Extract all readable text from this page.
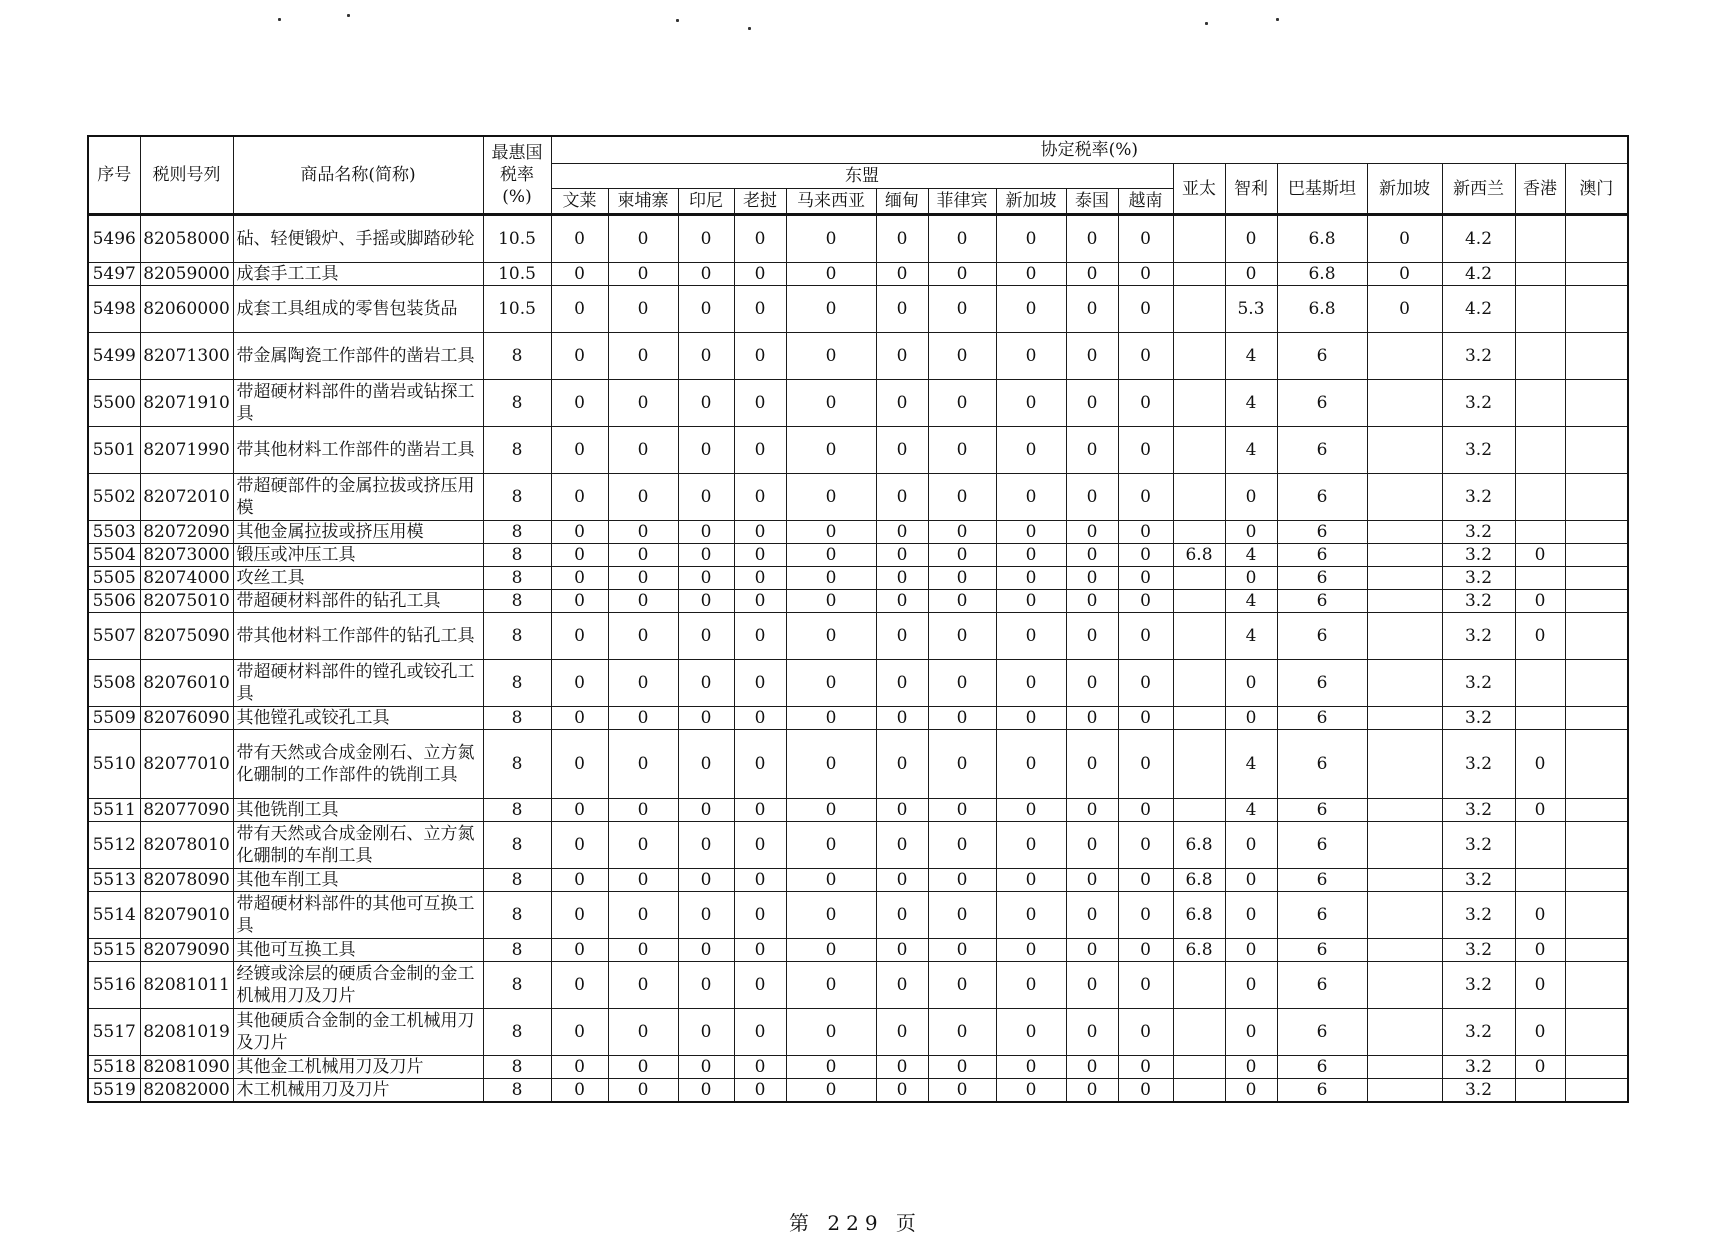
序号	税则号列	商品名称(简称)	最惠国税率(%)	协定税率(%)																
				东盟										亚太	智利	巴基斯坦	新加坡	新西兰	香港	澳门
				文莱	柬埔寨	印尼	老挝	马来西亚	缅甸	菲律宾	新加坡	泰国	越南							
5496	82058000	砧、轻便锻炉、手摇或脚踏砂轮	10.5	0	0	0	0	0	0	0	0	0	0		0	6.8	0	4.2		
5497	82059000	成套手工工具	10.5	0	0	0	0	0	0	0	0	0	0		0	6.8	0	4.2		
5498	82060000	成套工具组成的零售包装货品	10.5	0	0	0	0	0	0	0	0	0	0		5.3	6.8	0	4.2		
5499	82071300	带金属陶瓷工作部件的凿岩工具	8	0	0	0	0	0	0	0	0	0	0		4	6		3.2		
5500	82071910	带超硬材料部件的凿岩或钻探工具	8	0	0	0	0	0	0	0	0	0	0		4	6		3.2		
5501	82071990	带其他材料工作部件的凿岩工具	8	0	0	0	0	0	0	0	0	0	0		4	6		3.2		
5502	82072010	带超硬部件的金属拉拔或挤压用模	8	0	0	0	0	0	0	0	0	0	0		0	6		3.2		
5503	82072090	其他金属拉拔或挤压用模	8	0	0	0	0	0	0	0	0	0	0		0	6		3.2		
5504	82073000	锻压或冲压工具	8	0	0	0	0	0	0	0	0	0	0	6.8	4	6		3.2	0	
5505	82074000	攻丝工具	8	0	0	0	0	0	0	0	0	0	0		0	6		3.2		
5506	82075010	带超硬材料部件的钻孔工具	8	0	0	0	0	0	0	0	0	0	0		4	6		3.2	0	
5507	82075090	带其他材料工作部件的钻孔工具	8	0	0	0	0	0	0	0	0	0	0		4	6		3.2	0	
5508	82076010	带超硬材料部件的镗孔或铰孔工具	8	0	0	0	0	0	0	0	0	0	0		0	6		3.2		
5509	82076090	其他镗孔或铰孔工具	8	0	0	0	0	0	0	0	0	0	0		0	6		3.2		
5510	82077010	带有天然或合成金刚石、立方氮化硼制的工作部件的铣削工具	8	0	0	0	0	0	0	0	0	0	0		4	6		3.2	0	
5511	82077090	其他铣削工具	8	0	0	0	0	0	0	0	0	0	0		4	6		3.2	0	
5512	82078010	带有天然或合成金刚石、立方氮化硼制的车削工具	8	0	0	0	0	0	0	0	0	0	0	6.8	0	6		3.2		
5513	82078090	其他车削工具	8	0	0	0	0	0	0	0	0	0	0	6.8	0	6		3.2		
5514	82079010	带超硬材料部件的其他可互换工具	8	0	0	0	0	0	0	0	0	0	0	6.8	0	6		3.2	0	
5515	82079090	其他可互换工具	8	0	0	0	0	0	0	0	0	0	0	6.8	0	6		3.2	0	
5516	82081011	经镀或涂层的硬质合金制的金工机械用刀及刀片	8	0	0	0	0	0	0	0	0	0	0		0	6		3.2	0	
5517	82081019	其他硬质合金制的金工机械用刀及刀片	8	0	0	0	0	0	0	0	0	0	0		0	6		3.2	0	
5518	82081090	其他金工机械用刀及刀片	8	0	0	0	0	0	0	0	0	0	0		0	6		3.2	0	
5519	82082000	木工机械用刀及刀片	8	0	0	0	0	0	0	0	0	0	0		0	6		3.2		
第 229 页
